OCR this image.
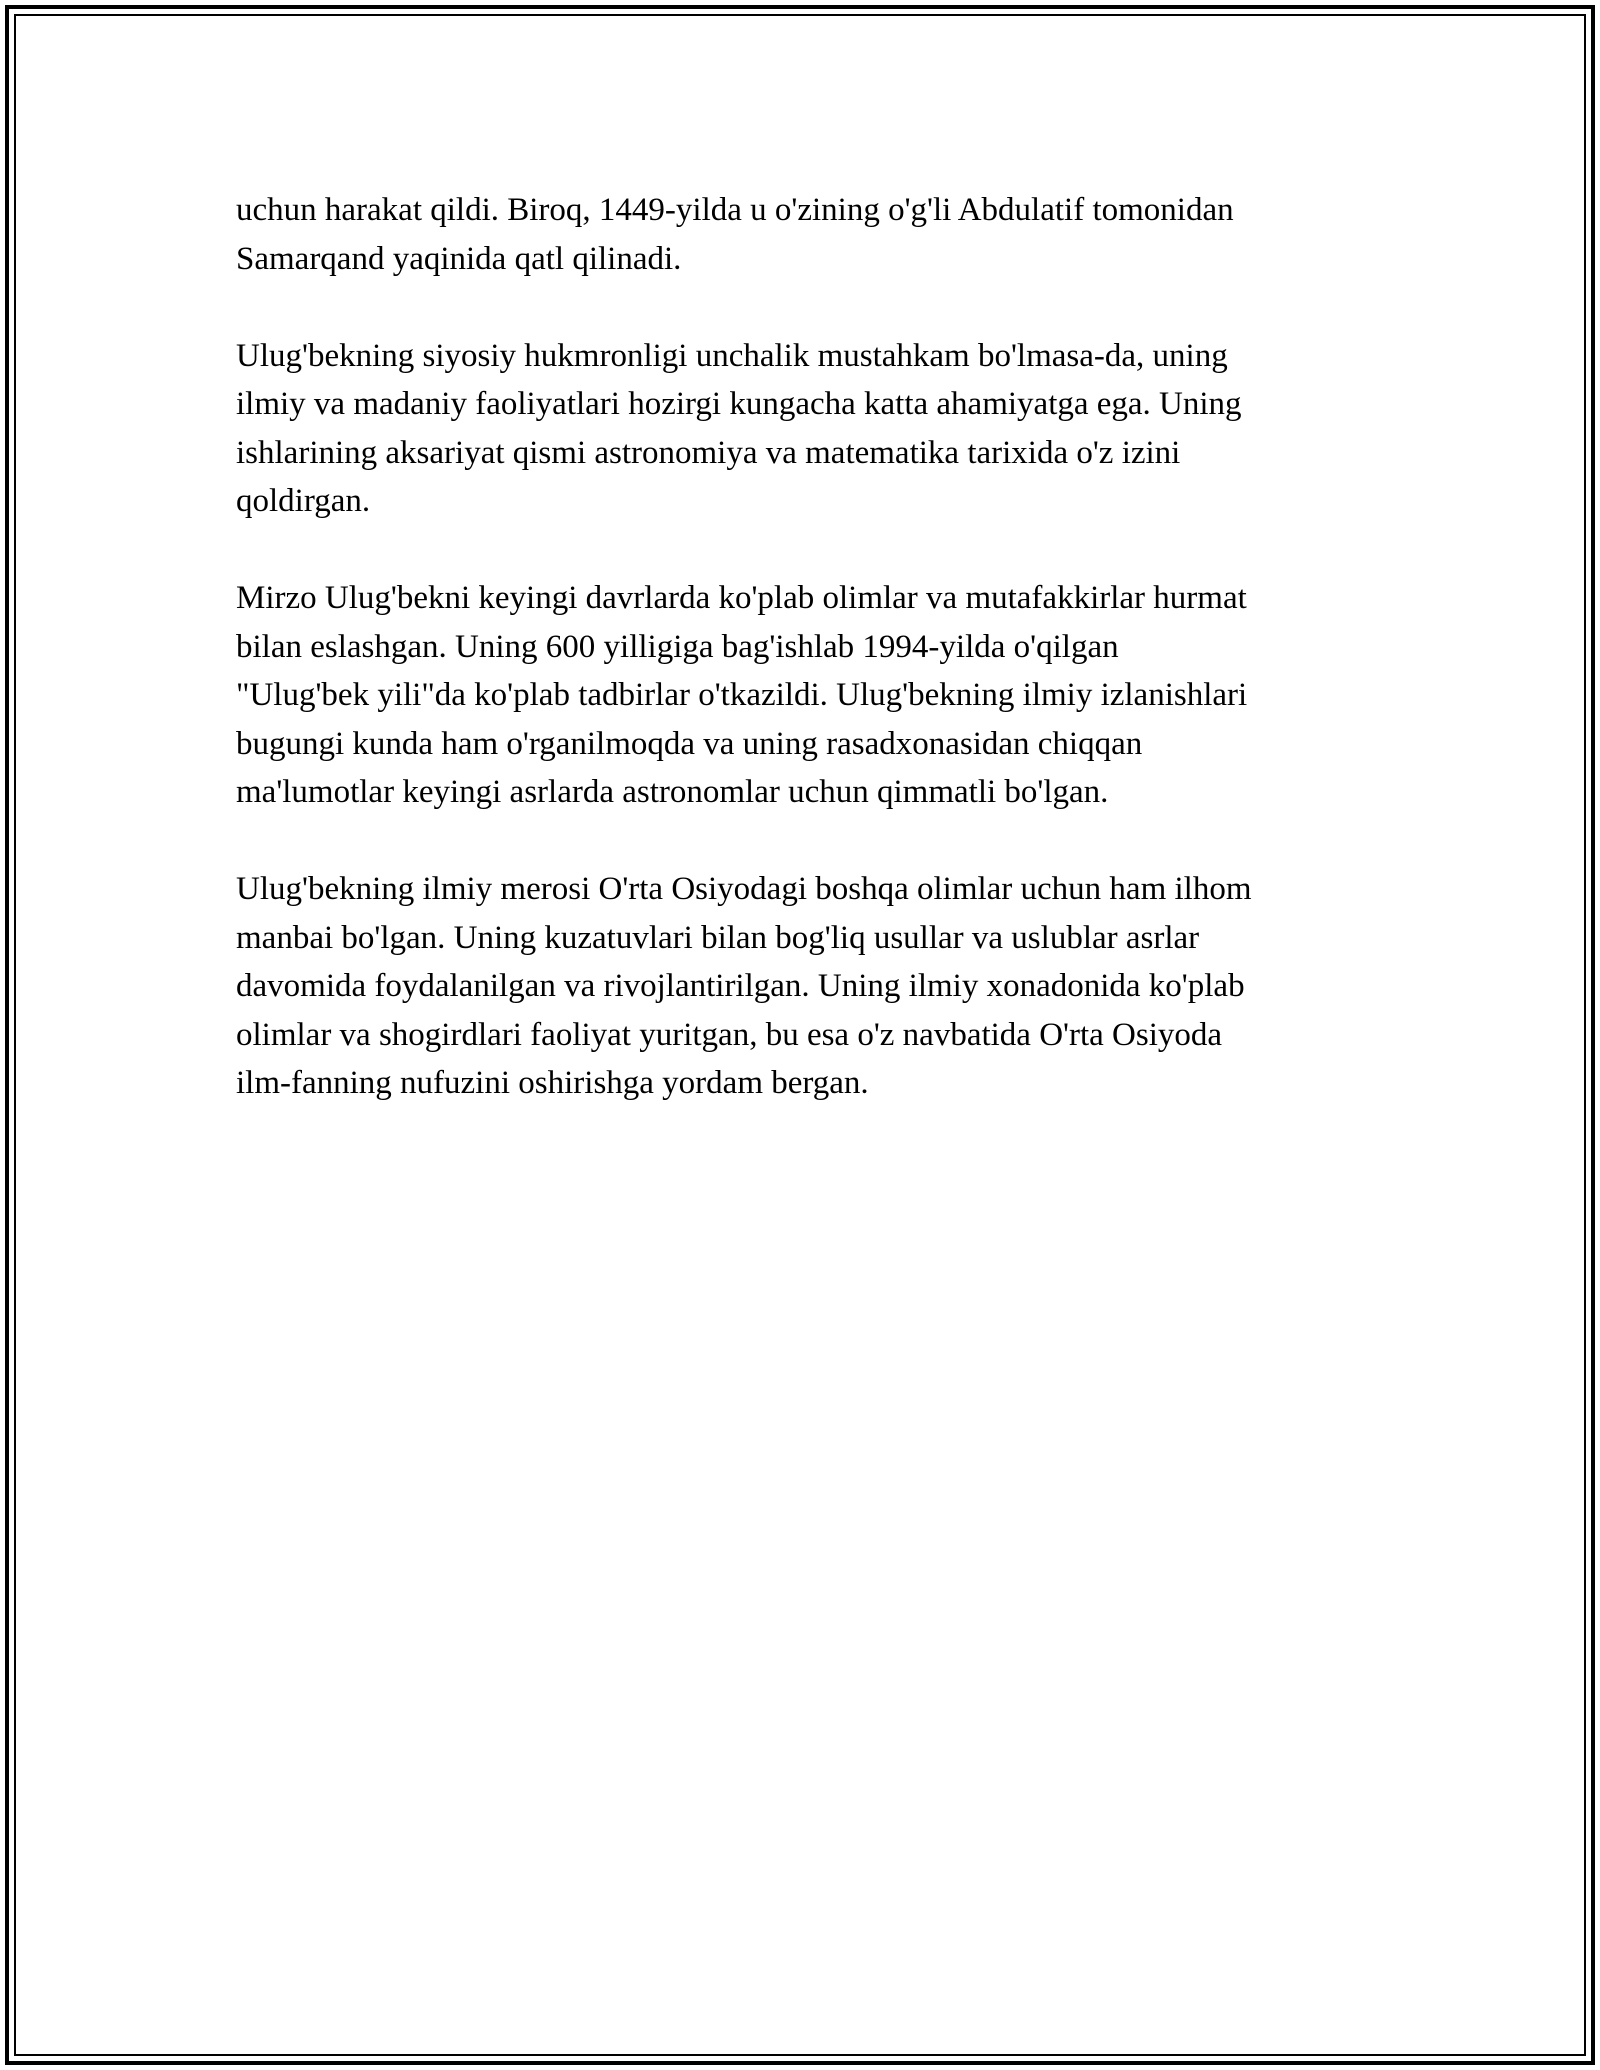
uchun harakat qildi. Biroq, 1449-yilda u o'zining o'g'li Abdulatif tomonidan
Samarqand yaqinida qatl qilinadi.

Ulug'bekning siyosiy hukmronligi unchalik mustahkam bo'lmasa-da, uning
ilmiy va madaniy faoliyatlari hozirgi kungacha katta ahamiyatga ega. Uning
ishlarining aksariyat qismi astronomiya va matematika tarixida o'z izini
qoldirgan.

Mirzo Ulug'bekni keyingi davrlarda ko'plab olimlar va mutafakkirlar hurmat
bilan eslashgan. Uning 600 yilligiga bag'ishlab 1994-yilda o'qilgan
"Ulug'bek yili"da ko'plab tadbirlar o'tkazildi. Ulug'bekning ilmiy izlanishlari
bugungi kunda ham o'rganilmoqda va uning rasadxonasidan chiqqan
ma'lumotlar keyingi asrlarda astronomlar uchun qimmatli bo'lgan.

Ulug'bekning ilmiy merosi O'rta Osiyodagi boshqa olimlar uchun ham ilhom
manbai bo'lgan. Uning kuzatuvlari bilan bog'liq usullar va uslublar asrlar
davomida foydalanilgan va rivojlantirilgan. Uning ilmiy xonadonida ko'plab
olimlar va shogirdlari faoliyat yuritgan, bu esa o'z navbatida O'rta Osiyoda
ilm-fanning nufuzini oshirishga yordam bergan.
